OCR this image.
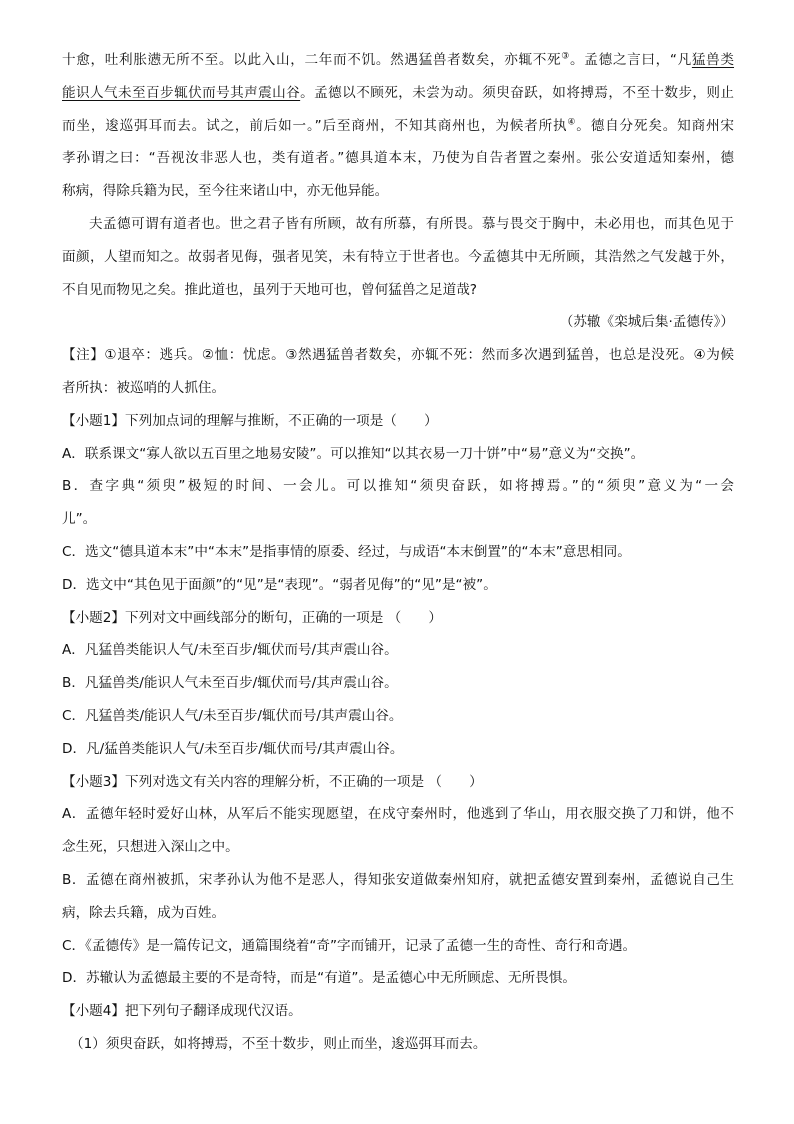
十愈，吐利胀懑无所不至。以此入山，二年而不饥。然遇猛兽者数矣，亦辄不死③。孟德之言曰，“凡猛兽类

能识人气未至百步辄伏而号其声震山谷。孟德以不顾死，未尝为动。须臾奋跃，如将搏焉，不至十数步，则止

而坐，逡巡弭耳而去。试之，前后如一。”后至商州，不知其商州也，为候者所执④。德自分死矣。知商州宋

孝孙谓之曰：“吾视汝非恶人也，类有道者。”德具道本末，乃使为自告者置之秦州。张公安道适知秦州，德

称病，得除兵籍为民，至今往来诸山中，亦无他异能。

夫孟德可谓有道者也。世之君子皆有所顾，故有所慕，有所畏。慕与畏交于胸中，未必用也，而其色见于

面颜，人望而知之。故弱者见侮，强者见笑，未有特立于世者也。今孟德其中无所顾，其浩然之气发越于外，

不自见而物见之矣。推此道也，虽列于天地可也，曾何猛兽之足道哉?

（苏辙《栾城后集·孟德传》）

【注】①退卒：逃兵。②恤：忧虑。③然遇猛兽者数矣，亦辄不死：然而多次遇到猛兽，也总是没死。④为候

者所执：被巡哨的人抓住。

【小题1】下列加点词的理解与推断，不正确的一项是（　　）

A．联系课文“寡人欲以五百里之地易安陵”。可以推知“以其衣易一刀十饼”中“易”意义为“交换”。

B．查字典“须臾”极短的时间、一会儿。可以推知“须臾奋跃，如将搏焉。”的“须臾”意义为“一会

儿”。

C．选文“德具道本末”中“本末”是指事情的原委、经过，与成语“本末倒置”的“本末”意思相同。

D．选文中“其色见于面颜”的“见”是“表现”。“弱者见侮”的“见”是“被”。

【小题2】下列对文中画线部分的断句，正确的一项是 （　　）

A．凡猛兽类能识人气/未至百步/辄伏而号/其声震山谷。

B．凡猛兽类/能识人气未至百步/辄伏而号/其声震山谷。

C．凡猛兽类/能识人气/未至百步/辄伏而号/其声震山谷。

D．凡/猛兽类能识人气/未至百步/辄伏而号/其声震山谷。

【小题3】下列对选文有关内容的理解分析，不正确的一项是 （　　）

A．孟德年轻时爱好山林，从军后不能实现愿望，在戍守秦州时，他逃到了华山，用衣服交换了刀和饼，他不

念生死，只想进入深山之中。

B．孟德在商州被抓，宋孝孙认为他不是恶人，得知张安道做秦州知府，就把孟德安置到秦州，孟德说自己生

病，除去兵籍，成为百姓。

C．《孟德传》是一篇传记文，通篇围绕着“奇”字而铺开，记录了孟德一生的奇性、奇行和奇遇。

D．苏辙认为孟德最主要的不是奇特，而是“有道”。是孟德心中无所顾虑、无所畏惧。

【小题4】把下列句子翻译成现代汉语。

（1）须臾奋跃，如将搏焉，不至十数步，则止而坐，逡巡弭耳而去。
